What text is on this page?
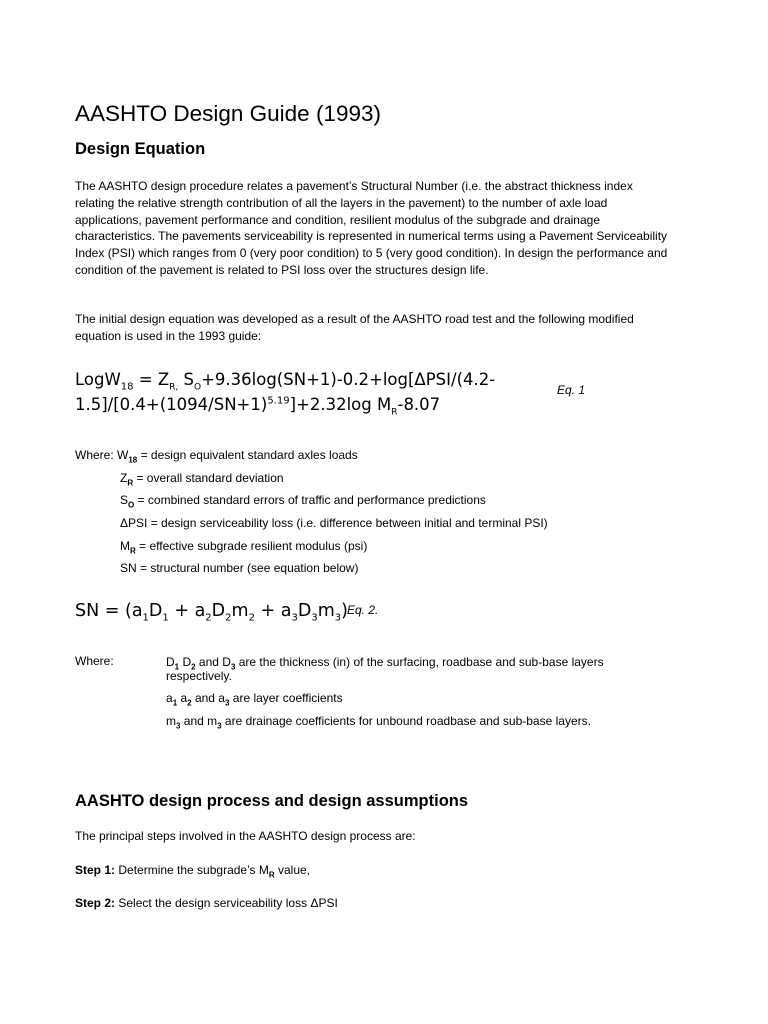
AASHTO Design Guide (1993)
Design Equation

The AASHTO design procedure relates a pavement’s Structural Number (i.e. the abstract thickness index relating the relative strength contribution of all the layers in the pavement) to the number of axle load applications, pavement performance and condition, resilient modulus of the subgrade and drainage characteristics. The pavements serviceability is represented in numerical terms using a Pavement Serviceability Index (PSI) which ranges from 0 (very poor condition) to 5 (very good condition). In design the performance and condition of the pavement is related to PSI loss over the structures design life.

The initial design equation was developed as a result of the AASHTO road test and the following modified equation is used in the 1993 guide:

LogW$_{18}$ = $Z_{R,}$ $S_O+9.36\log(SN+1)-0.2+\log[\Delta PSI/(4.2-$
$1.5]/[0.4+(1094/SN+1)^{5.19}]+2.32\log$ $M_R-8.07$
Eq. 1
Where: $W_{18}$ = design equivalent standard axles loads
$Z_R$ = overall standard deviation
$S_O$ = combined standard errors of traffic and performance predictions
ΔPSI = design serviceability loss (i.e. difference between initial and terminal PSI)
$M_R$ = effective subgrade resilient modulus (psi)
SN = structural number (see equation below)
SN = $(a_1D_1 + a_2D_2m_2 + a_3D_3m_3)$ Eq. 2.
Where:	$D_1$ $D_2$ and $D_3$ are the thickness (in) of the surfacing, roadbase and sub-base layers respectively.
$a_1$ $a_2$ and $a_3$ are layer coefficients
$m_3$ and $m_3$ are drainage coefficients for unbound roadbase and sub-base layers.
AASHTO design process and design assumptions
The principal steps involved in the AASHTO design process are:
Step 1: Determine the subgrade’s $M_R$ value,
Step 2: Select the design serviceability loss ΔPSI
